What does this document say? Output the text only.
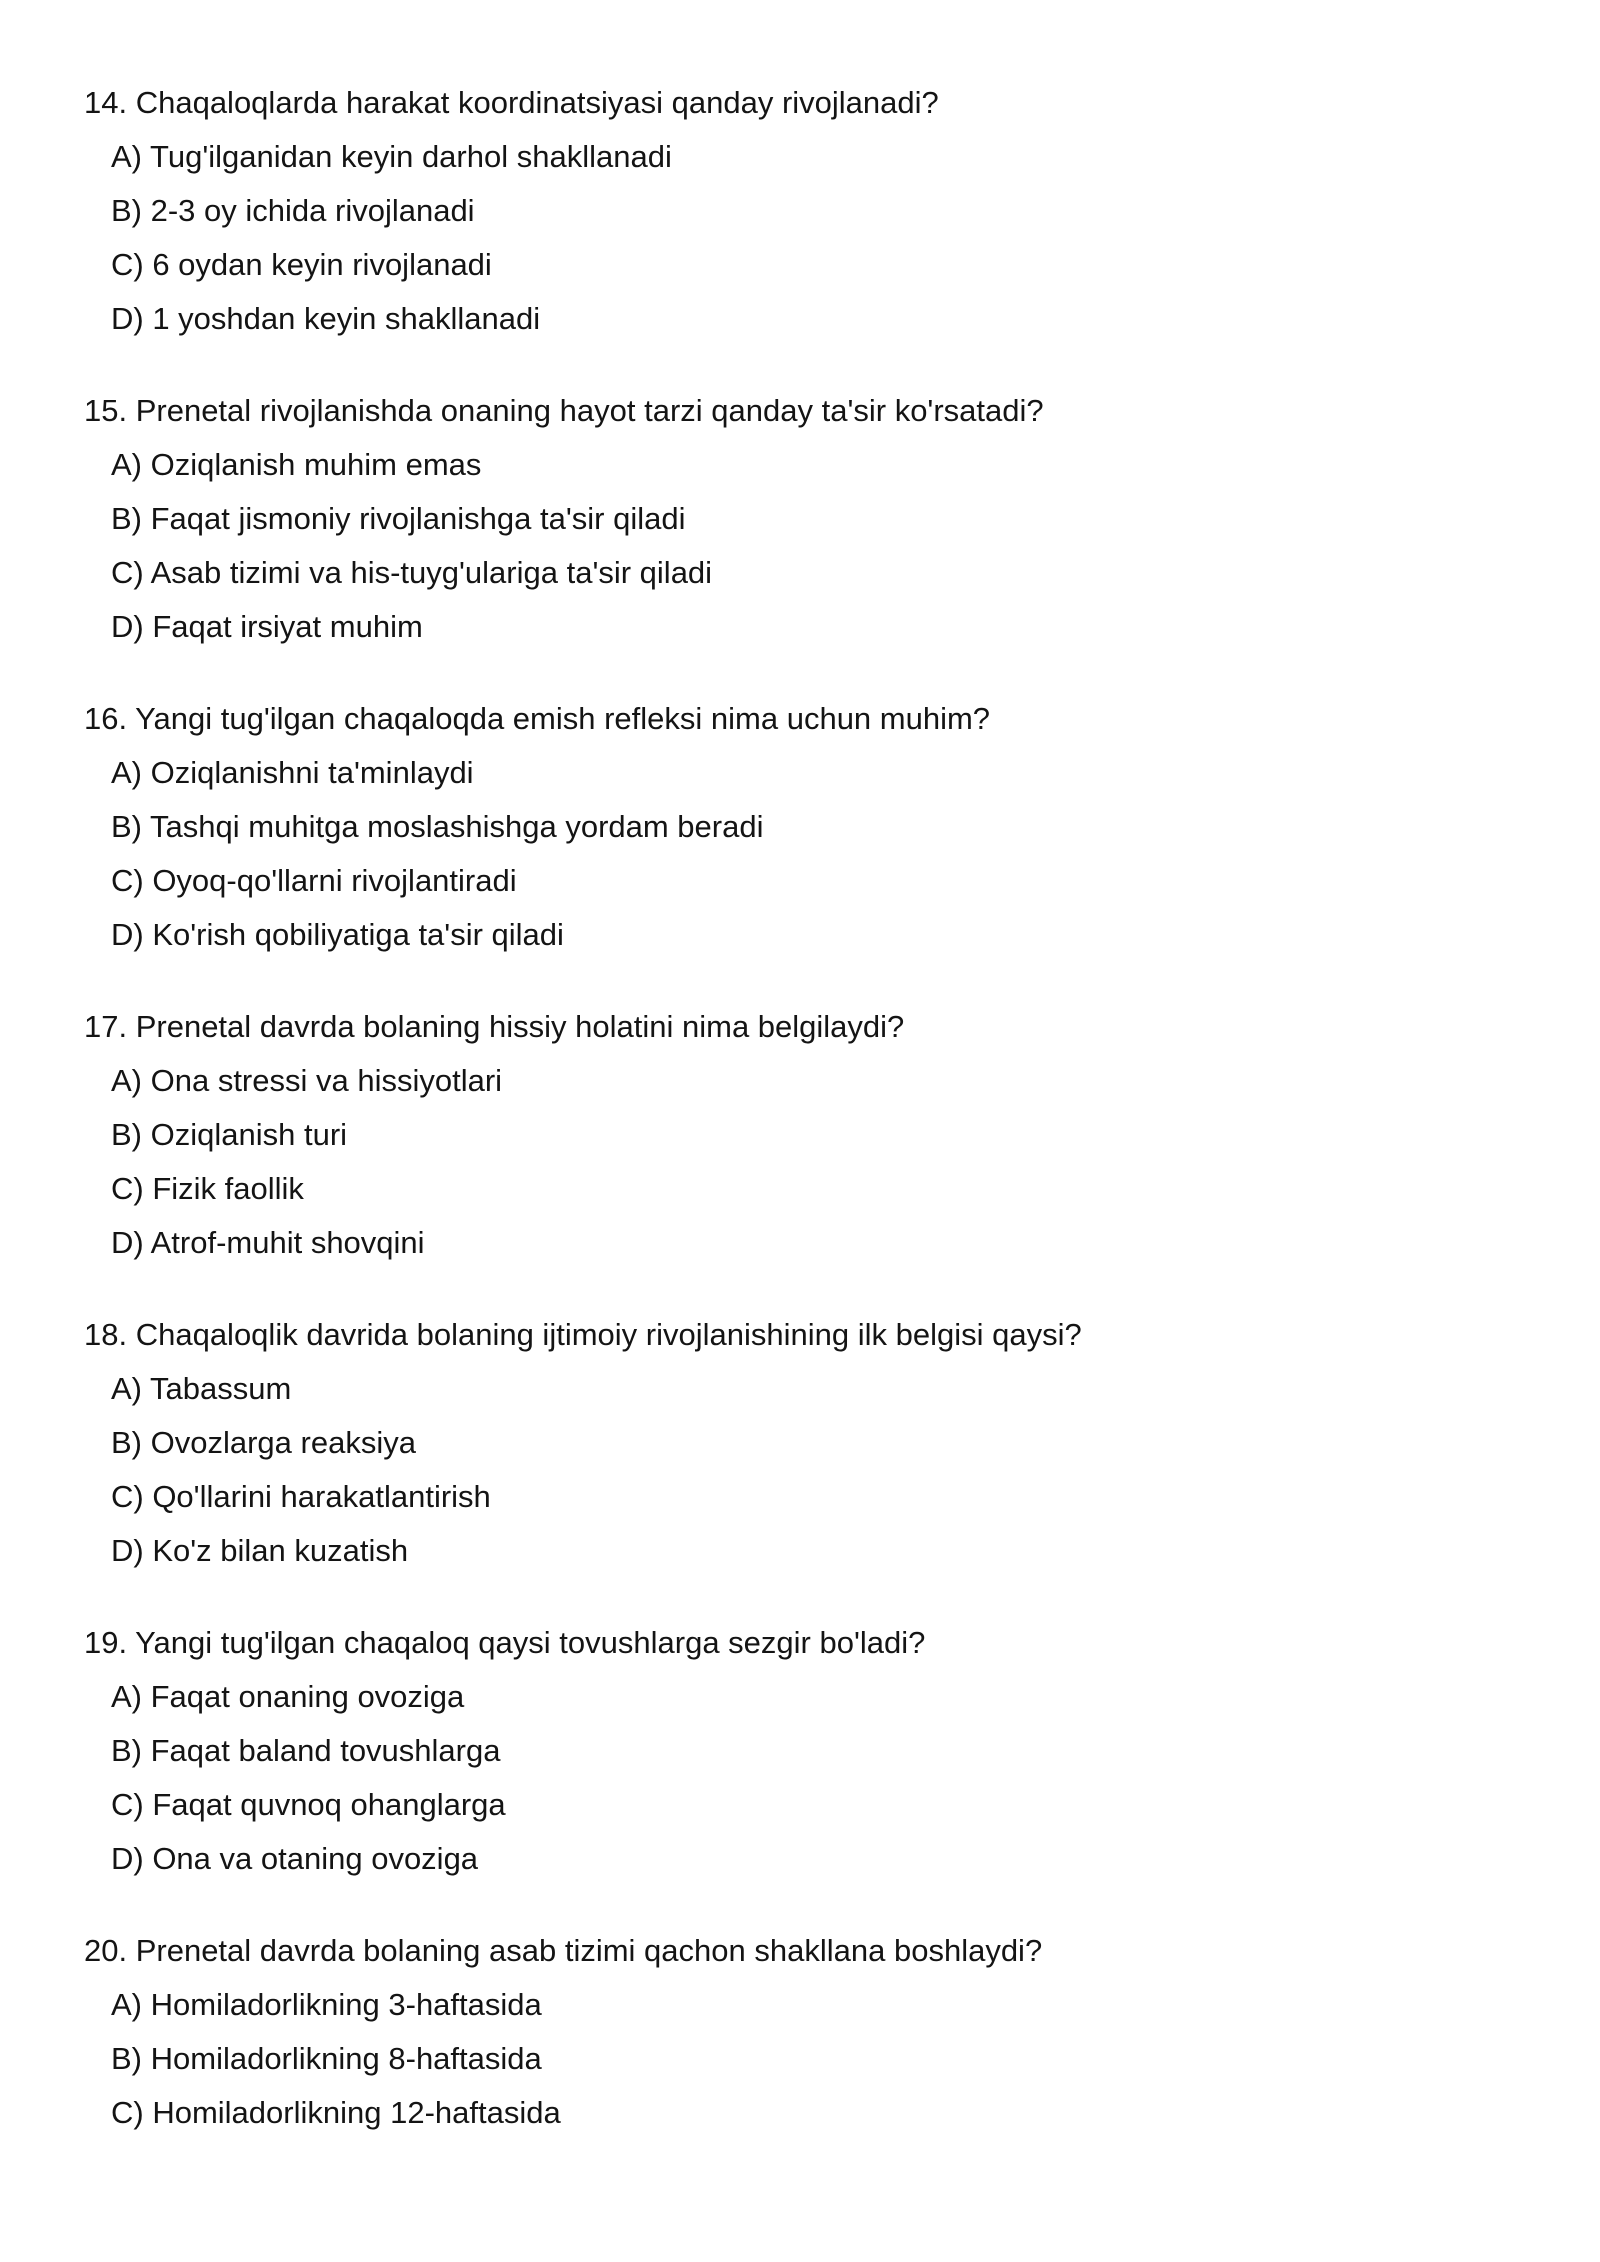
14. Chaqaloqlarda harakat koordinatsiyasi qanday rivojlanadi?
A) Tug'ilganidan keyin darhol shakllanadi
B) 2-3 oy ichida rivojlanadi
C) 6 oydan keyin rivojlanadi
D) 1 yoshdan keyin shakllanadi
15. Prenetal rivojlanishda onaning hayot tarzi qanday ta'sir ko'rsatadi?
A) Oziqlanish muhim emas
B) Faqat jismoniy rivojlanishga ta'sir qiladi
C) Asab tizimi va his-tuyg'ulariga ta'sir qiladi
D) Faqat irsiyat muhim
16. Yangi tug'ilgan chaqaloqda emish refleksi nima uchun muhim?
A) Oziqlanishni ta'minlaydi
B) Tashqi muhitga moslashishga yordam beradi
C) Oyoq-qo'llarni rivojlantiradi
D) Ko'rish qobiliyatiga ta'sir qiladi
17. Prenetal davrda bolaning hissiy holatini nima belgilaydi?
A) Ona stressi va hissiyotlari
B) Oziqlanish turi
C) Fizik faollik
D) Atrof-muhit shovqini
18. Chaqaloqlik davrida bolaning ijtimoiy rivojlanishining ilk belgisi qaysi?
A) Tabassum
B) Ovozlarga reaksiya
C) Qo'llarini harakatlantirish
D) Ko'z bilan kuzatish
19. Yangi tug'ilgan chaqaloq qaysi tovushlarga sezgir bo'ladi?
A) Faqat onaning ovoziga
B) Faqat baland tovushlarga
C) Faqat quvnoq ohanglarga
D) Ona va otaning ovoziga
20. Prenetal davrda bolaning asab tizimi qachon shakllana boshlaydi?
A) Homiladorlikning 3-haftasida
B) Homiladorlikning 8-haftasida
C) Homiladorlikning 12-haftasida
